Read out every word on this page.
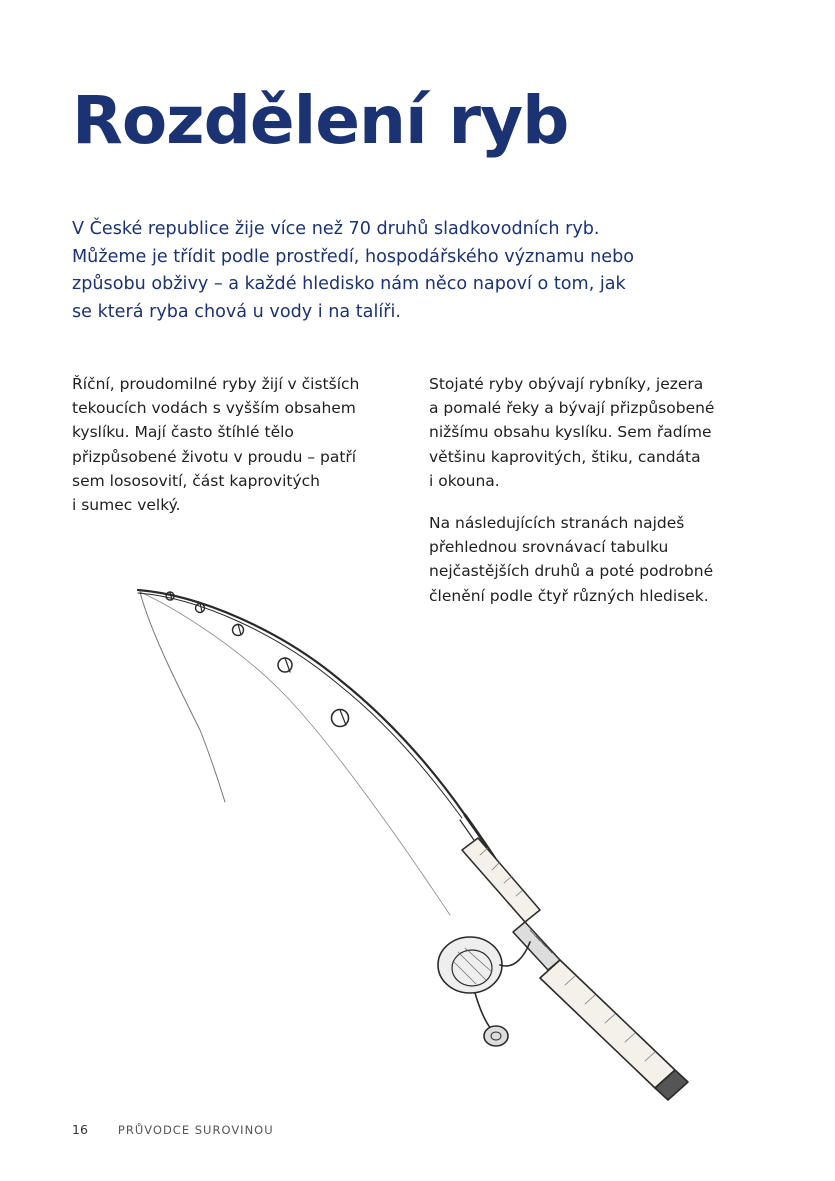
Rozdělení ryb
V České republice žije více než 70 druhů sladkovodních ryb.
Můžeme je třídit podle prostředí, hospodářského významu nebo
způsobu obživy – a každé hledisko nám něco napoví o tom, jak
se která ryba chová u vody i na talíři.
Říční, proudomilné ryby žijí v čistších
tekoucích vodách s vyšším obsahem
kyslíku. Mají často štíhlé tělo
přizpůsobené životu v proudu – patří
sem lososovití, část kaprovitých
i sumec velký.
Stojaté ryby obývají rybníky, jezera
a pomalé řeky a bývají přizpůsobené
nižšímu obsahu kyslíku. Sem řadíme
většinu kaprovitých, štiku, candáta
i okouna.
Na následujících stranách najdeš
přehlednou srovnávací tabulku
nejčastějších druhů a poté podrobné
členění podle čtyř různých hledisek.
16	PRŮVODCE SUROVINOU
